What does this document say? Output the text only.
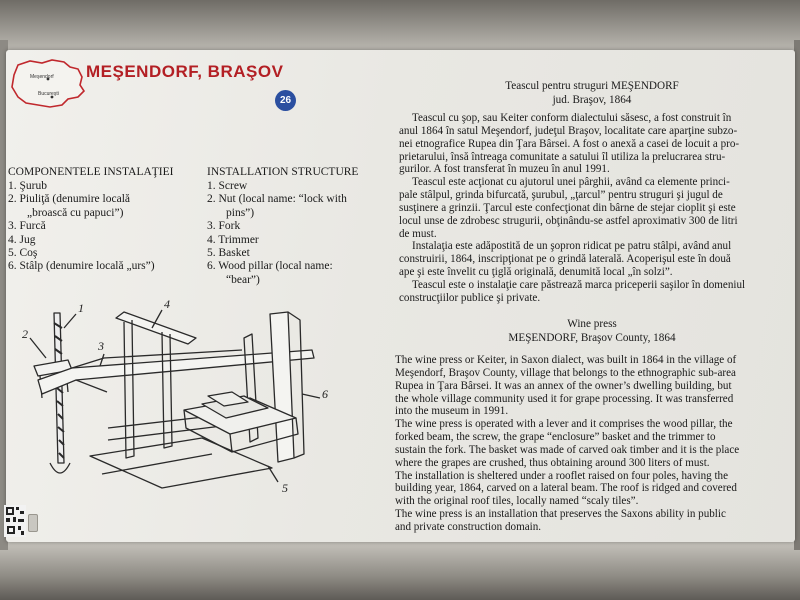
Meşendorf
Bucureşti
MEŞENDORF, BRAŞOV
26
COMPONENTELE INSTALAŢIEI
1. Şurub
2. Piuliţă (denumire locală
„broască cu papuci”)
3. Furcă
4. Jug
5. Coş
6. Stâlp (denumire locală „urs”)
INSTALLATION STRUCTURE
1. Screw
2. Nut (local name: “lock with
pins”)
3. Fork
4. Trimmer
5. Basket
6. Wood pillar (local name:
“bear”)
1
2
3
4
5
6
Teascul pentru struguri MEŞENDORF
jud. Braşov, 1864
Teascul cu şop, sau Keiter conform dialectului săsesc, a fost construit în
anul 1864 în satul Meşendorf, judeţul Braşov, localitate care aparţine subzo-
nei etnografice Rupea din Ţara Bârsei. A fost o anexă a casei de locuit a pro-
prietarului, însă întreaga comunitate a satului îl utiliza la prelucrarea stru-
gurilor. A fost transferat în muzeu în anul 1991.
Teascul este acţionat cu ajutorul unei pârghii, având ca elemente princi-
pale stâlpul, grinda bifurcată, şurubul, „ţarcul” pentru struguri şi jugul de
susţinere a grinzii. Ţarcul este confecţionat din bârne de stejar cioplit şi este
locul unse de zdrobesc strugurii, obţinându-se astfel aproximativ 300 de litri
de must.
Instalaţia este adăpostită de un şopron ridicat pe patru stâlpi, având anul
construirii, 1864, inscripţionat pe o grindă laterală. Acoperişul este în două
ape şi este învelit cu ţiglă originală, denumită local „în solzi”.
Teascul este o instalaţie care păstrează marca priceperii saşilor în domeniul
construcţiilor publice şi private.
Wine press
MEŞENDORF, Braşov County, 1864
The wine press or Keiter, in Saxon dialect, was built in 1864 in the village of
Meşendorf, Braşov County, village that belongs to the ethnographic sub-area
Rupea in Ţara Bârsei. It was an annex of the owner’s dwelling building, but
the whole village community used it for grape processing. It was transferred
into the museum in 1991.
The wine press is operated with a lever and it comprises the wood pillar, the
forked beam, the screw, the grape “enclosure” basket and the trimmer to
sustain the fork. The basket was made of carved oak timber and it is the place
where the grapes are crushed, thus obtaining around 300 liters of must.
The installation is sheltered under a rooflet raised on four poles, having the
building year, 1864, carved on a lateral beam. The roof is ridged and covered
with the original roof tiles, locally named “scaly tiles”.
The wine press is an installation that preserves the Saxons ability in public
and private construction domain.
